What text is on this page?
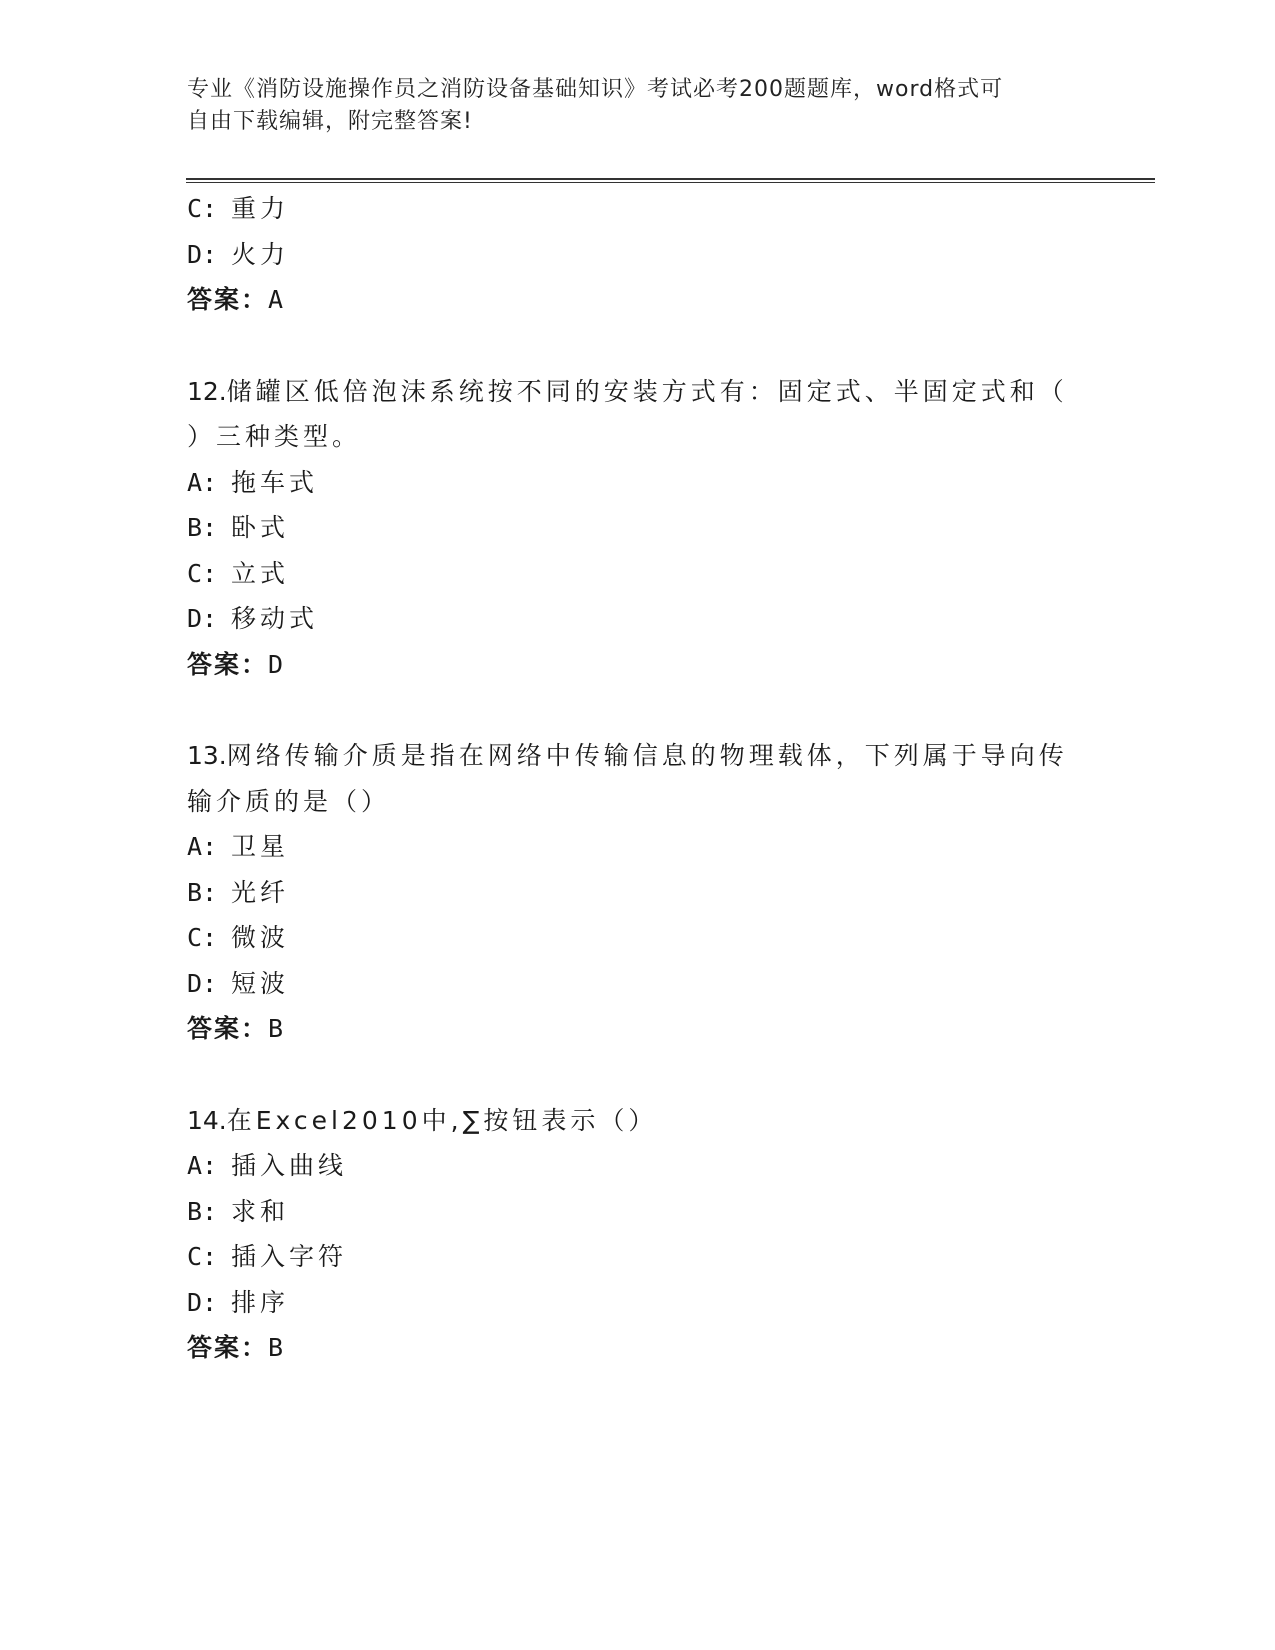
专业《消防设施操作员之消防设备基础知识》考试必考200题题库，word格式可
自由下载编辑，附完整答案!
C: 重力
D: 火力
答案：A
12.储罐区低倍泡沫系统按不同的安装方式有：固定式、半固定式和（
）三种类型。
A: 拖车式
B: 卧式
C: 立式
D: 移动式
答案：D
13.网络传输介质是指在网络中传输信息的物理载体，下列属于导向传
输介质的是（）
A: 卫星
B: 光纤
C: 微波
D: 短波
答案：B
14.在Excel2010中,∑按钮表示（）
A: 插入曲线
B: 求和
C: 插入字符
D: 排序
答案：B
